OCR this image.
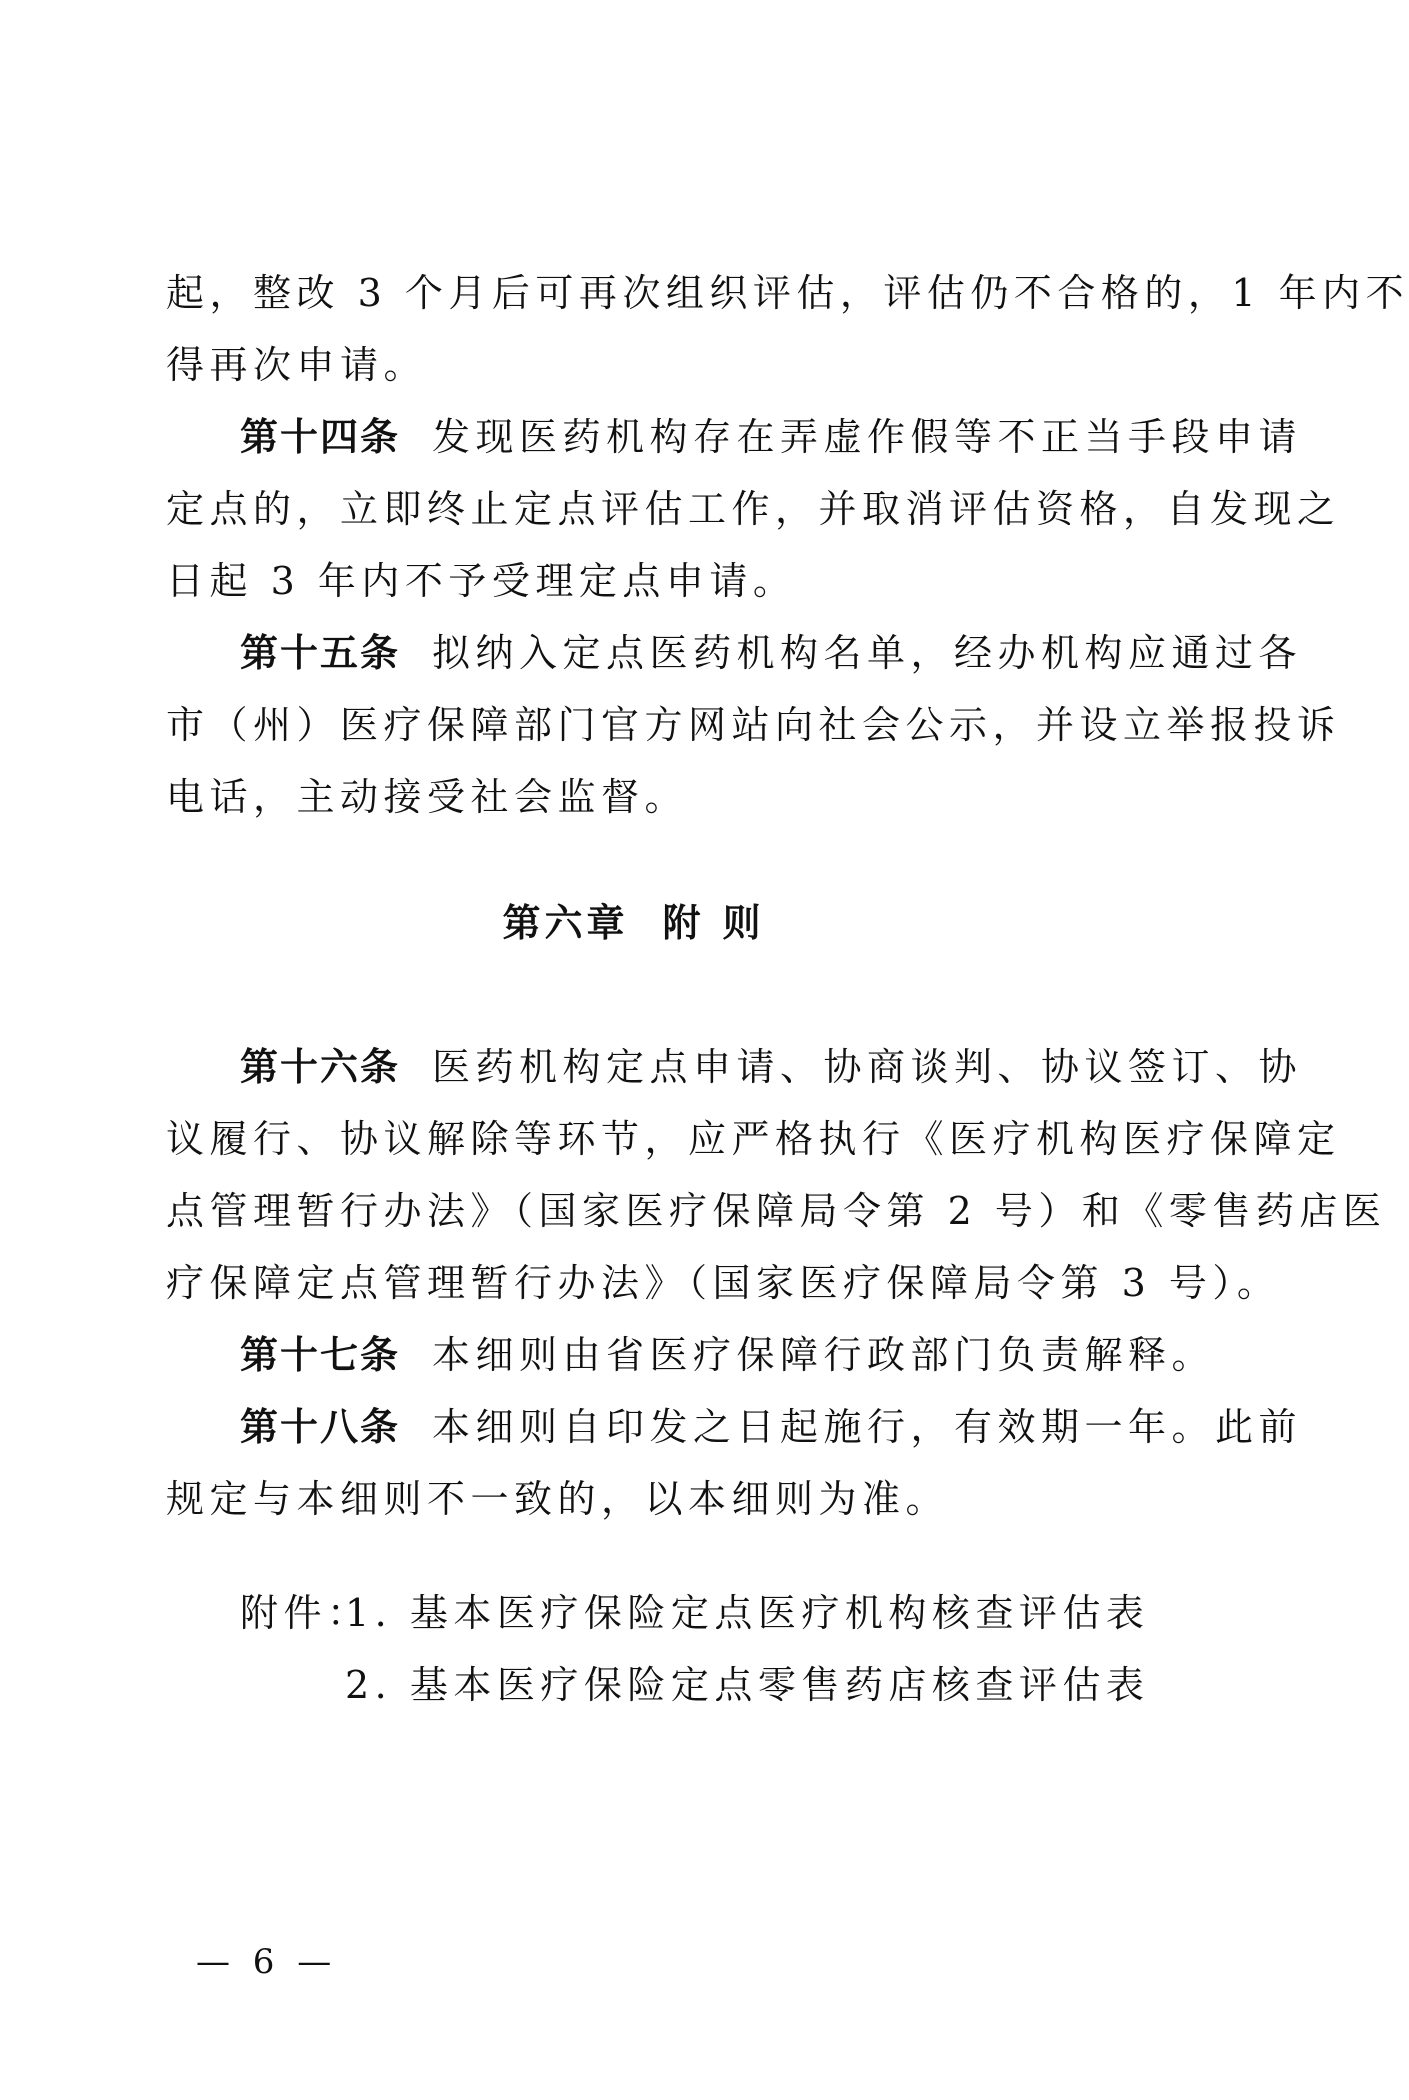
起，整改 3 个月后可再次组织评估，评估仍不合格的，1 年内不
得再次申请。
第十四条 发现医药机构存在弄虚作假等不正当手段申请
定点的，立即终止定点评估工作，并取消评估资格，自发现之
日起 3 年内不予受理定点申请。
第十五条 拟纳入定点医药机构名单，经办机构应通过各
市（州）医疗保障部门官方网站向社会公示，并设立举报投诉
电话，主动接受社会监督。
第六章 附 则
第十六条 医药机构定点申请、协商谈判、协议签订、协
议履行、协议解除等环节，应严格执行《医疗机构医疗保障定
点管理暂行办法》（国家医疗保障局令第 2 号）和《零售药店医
疗保障定点管理暂行办法》（国家医疗保障局令第 3 号）。
第十七条 本细则由省医疗保障行政部门负责解释。
第十八条 本细则自印发之日起施行，有效期一年。此前
规定与本细则不一致的，以本细则为准。
附件：1. 基本医疗保险定点医疗机构核查评估表
2. 基本医疗保险定点零售药店核查评估表
— 6 —
